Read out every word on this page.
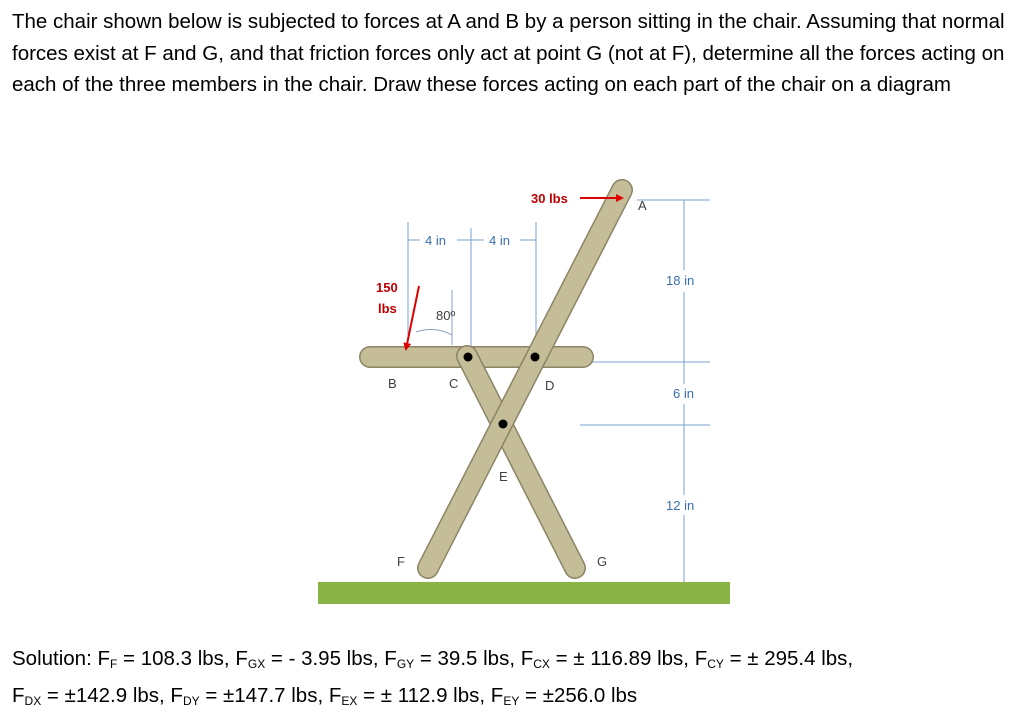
The chair shown below is subjected to forces at A and B by a person sitting in the chair. Assuming that normal forces exist at F and G, and that friction forces only act at point G (not at F), determine all the forces acting on each of the three members in the chair. Draw these forces acting on each part of the chair on a diagram

30 lbs
150
lbs	80º
4 in	4 in
18 in
6 in
12 in
A
B	C	D
E
F	G

Solution: $F_F = 108.3$ lbs, $F_{GX}$ = - 3.95 lbs, $F_{GY} = 39.5$ lbs, $F_{CX}$ = ± 116.89 lbs, $F_{CY}$ = ± 295.4 lbs,
$F_{DX} = \pm 142.9$ lbs, $F_{DY} = \pm 147.7$ lbs, $F_{EX}$ = ± 112.9 lbs, $F_{EY} = \pm 256.0$ lbs
